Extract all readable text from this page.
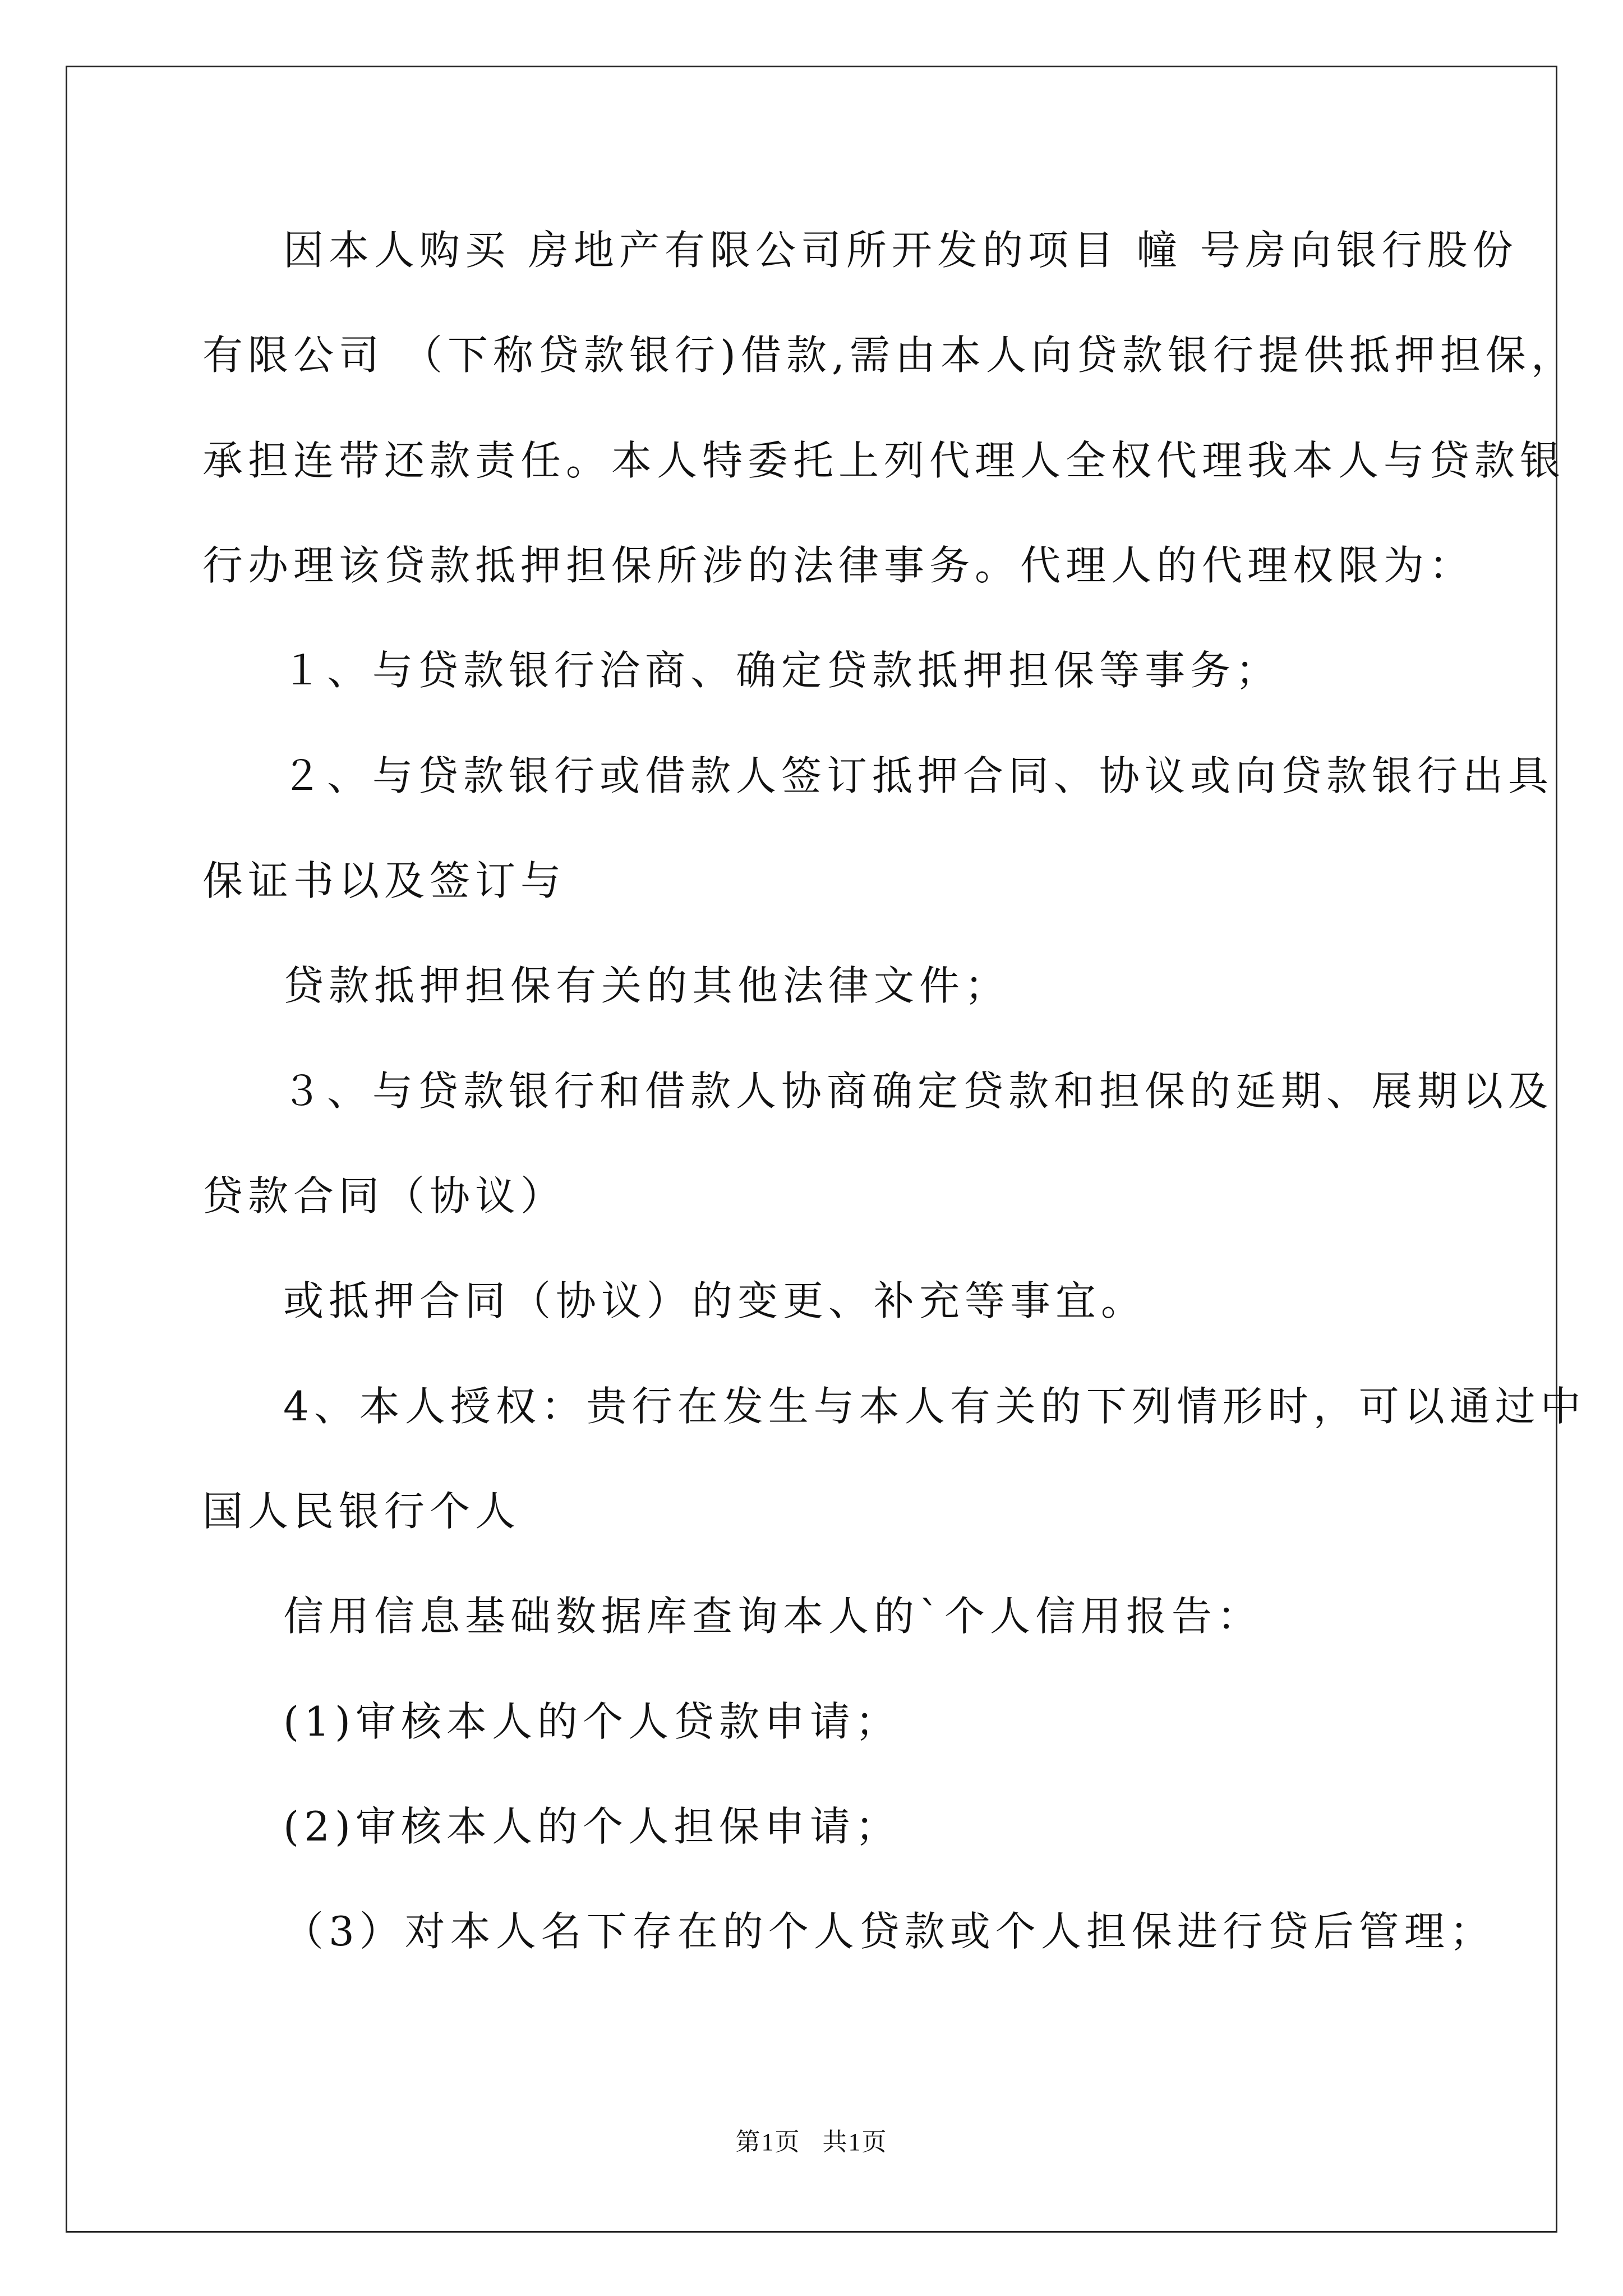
因本人购买 房地产有限公司所开发的项目 幢 号房向银行股份
有限公司 （下称贷款银行)借款,需由本人向贷款银行提供抵押担保，
承担连带还款责任。本人特委托上列代理人全权代理我本人与贷款银
行办理该贷款抵押担保所涉的法律事务。代理人的代理权限为：
１、与贷款银行洽商、确定贷款抵押担保等事务；
２、与贷款银行或借款人签订抵押合同、协议或向贷款银行出具
保证书以及签订与
贷款抵押担保有关的其他法律文件；
３、与贷款银行和借款人协商确定贷款和担保的延期、展期以及
贷款合同（协议）
或抵押合同（协议）的变更、补充等事宜。
4、本人授权：贵行在发生与本人有关的下列情形时，可以通过中
国人民银行个人
信用信息基础数据库查询本人的`个人信用报告：
(1)审核本人的个人贷款申请；
(2)审核本人的个人担保申请；
（3）对本人名下存在的个人贷款或个人担保进行贷后管理；
第1页   共1页
